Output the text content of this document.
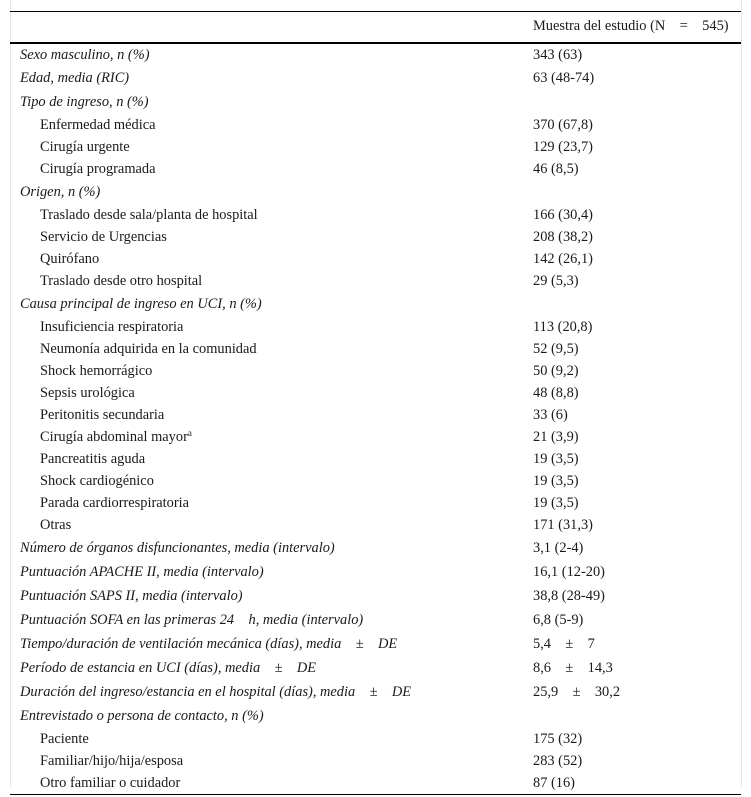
	Muestra del estudio (N = 545)
Sexo masculino, n (%)	343 (63)
Edad, media (RIC)	63 (48-74)
Tipo de ingreso, n (%)	
Enfermedad médica	370 (67,8)
Cirugía urgente	129 (23,7)
Cirugía programada	46 (8,5)
Origen, n (%)	
Traslado desde sala/planta de hospital	166 (30,4)
Servicio de Urgencias	208 (38,2)
Quirófano	142 (26,1)
Traslado desde otro hospital	29 (5,3)
Causa principal de ingreso en UCI, n (%)	
Insuficiencia respiratoria	113 (20,8)
Neumonía adquirida en la comunidad	52 (9,5)
Shock hemorrágico	50 (9,2)
Sepsis urológica	48 (8,8)
Peritonitis secundaria	33 (6)
Cirugía abdominal mayor$^a$	21 (3,9)
Pancreatitis aguda	19 (3,5)
Shock cardiogénico	19 (3,5)
Parada cardiorrespiratoria	19 (3,5)
Otras	171 (31,3)
Número de órganos disfuncionantes, media (intervalo)	3,1 (2-4)
Puntuación APACHE II, media (intervalo)	16,1 (12-20)
Puntuación SAPS II, media (intervalo)	38,8 (28-49)
Puntuación SOFA en las primeras 24 h, media (intervalo)	6,8 (5-9)
Tiempo/duración de ventilación mecánica (días), media ± DE	5,4 ± 7
Período de estancia en UCI (días), media ± DE	8,6 ± 14,3
Duración del ingreso/estancia en el hospital (días), media ± DE	25,9 ± 30,2
Entrevistado o persona de contacto, n (%)	
Paciente	175 (32)
Familiar/hijo/hija/esposa	283 (52)
Otro familiar o cuidador	87 (16)
